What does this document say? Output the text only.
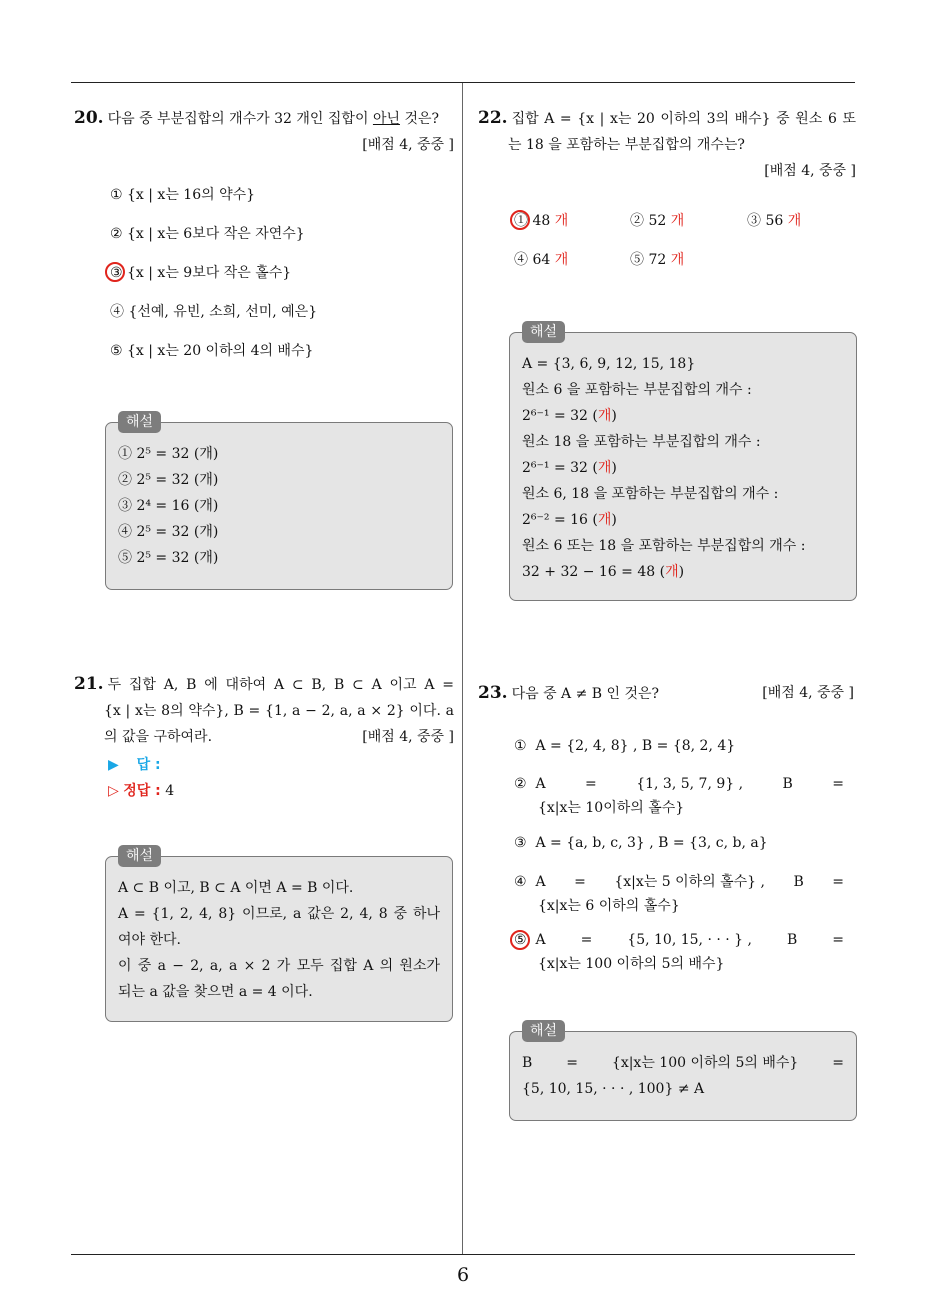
20. 다음 중 부분집합의 개수가 32 개인 집합이 아닌 것은?
[배점 4, 중중 ]
① {x | x는 16의 약수}
② {x | x는 6보다 작은 자연수}
③ {x | x는 9보다 작은 홀수}
④ {선예, 유빈, 소희, 선미, 예은}
⑤ {x | x는 20 이하의 4의 배수}
해설
① 2⁵ = 32 (개)
② 2⁵ = 32 (개)
③ 2⁴ = 16 (개)
④ 2⁵ = 32 (개)
⑤ 2⁵ = 32 (개)
21. 두 집합 A, B 에 대하여 A ⊂ B, B ⊂ A 이고 A =
{x | x는 8의 약수}, B = {1, a − 2, a, a × 2} 이다. a
의 값을 구하여라.	[배점 4, 중중 ]
▶ 답 :
▷ 정답 : 4
해설
A ⊂ B 이고, B ⊂ A 이면 A = B 이다.
A = {1, 2, 4, 8} 이므로, a 값은 2, 4, 8 중 하나
여야 한다.
이 중 a − 2, a, a × 2 가 모두 집합 A 의 원소가
되는 a 값을 찾으면 a = 4 이다.
22. 집합 A = {x | x는 20 이하의 3의 배수} 중 원소 6 또
는 18 을 포함하는 부분집합의 개수는?
[배점 4, 중중 ]
① 48 개	② 52 개	③ 56 개
④ 64 개	⑤ 72 개
해설
A = {3, 6, 9, 12, 15, 18}
원소 6 을 포함하는 부분집합의 개수 :
2⁶⁻¹ = 32 (개)
원소 18 을 포함하는 부분집합의 개수 :
2⁶⁻¹ = 32 (개)
원소 6, 18 을 포함하는 부분집합의 개수 :
2⁶⁻² = 16 (개)
원소 6 또는 18 을 포함하는 부분집합의 개수 :
32 + 32 − 16 = 48 (개)
23. 다음 중 A ≠ B 인 것은?	[배점 4, 중중 ]
① A = {2, 4, 8} , B = {8, 2, 4}
② A	=	{1, 3, 5, 7, 9} ,	B	=
{x|x는 10이하의 홀수}
③ A = {a, b, c, 3} , B = {3, c, b, a}
④ A = {x|x는 5 이하의 홀수} , B =
{x|x는 6 이하의 홀수}
⑤ A = {5, 10, 15, · · · } , B =
{x|x는 100 이하의 5의 배수}
해설
B = {x|x는 100 이하의 5의 배수} =
{5, 10, 15, · · · , 100} ≠ A
6
